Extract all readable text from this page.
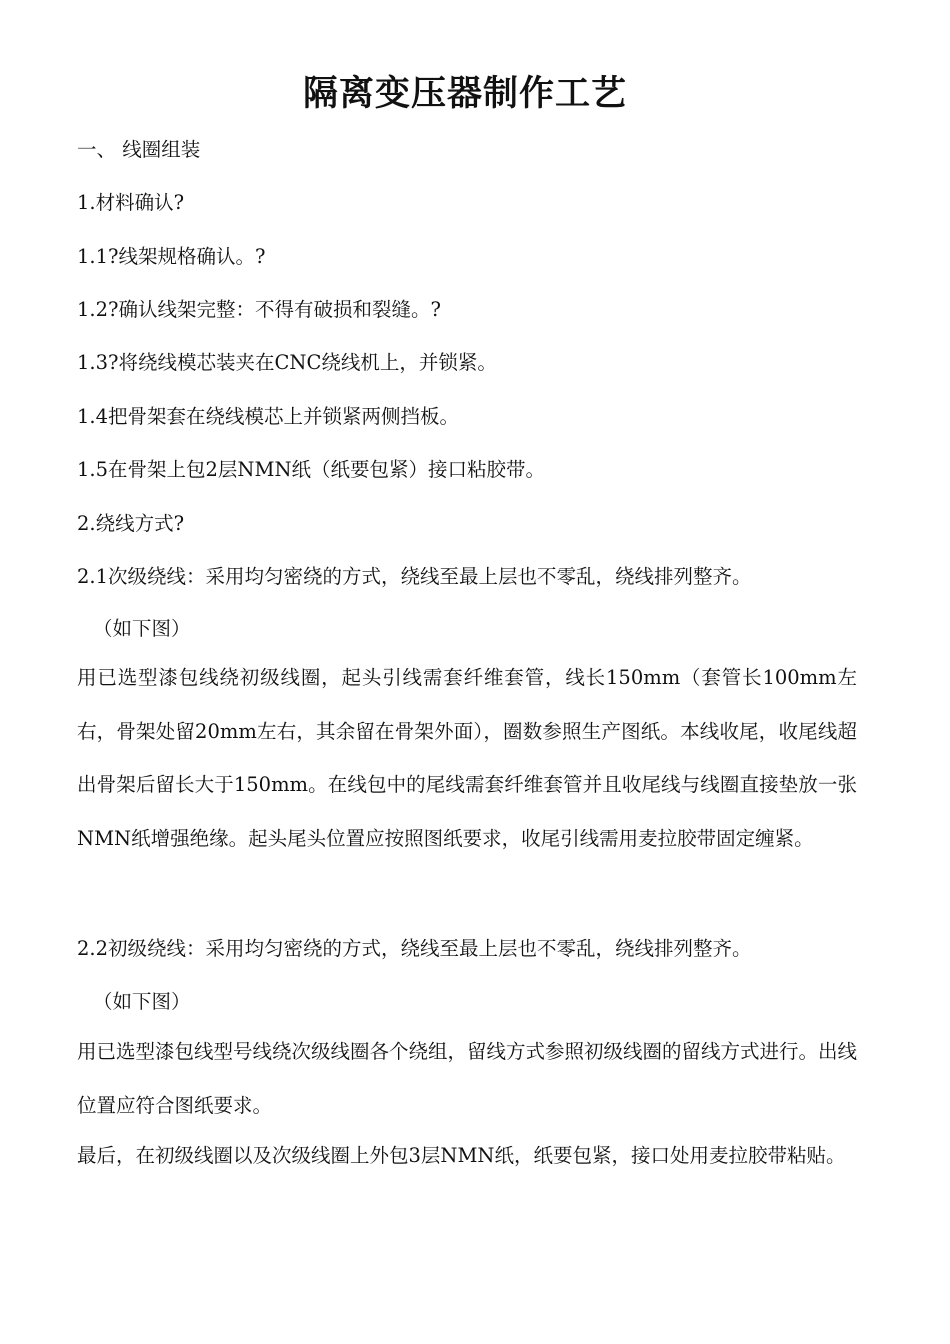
隔离变压器制作工艺

一、 线圈组装

1.材料确认?

1.1?线架规格确认。?

1.2?确认线架完整：不得有破损和裂缝。?

1.3?将绕线模芯装夹在CNC绕线机上，并锁紧。

1.4把骨架套在绕线模芯上并锁紧两侧挡板。

1.5在骨架上包2层NMN纸（纸要包紧）接口粘胶带。

2.绕线方式?

2.1次级绕线：采用均匀密绕的方式，绕线至最上层也不零乱，绕线排列整齐。

（如下图）

用已选型漆包线绕初级线圈，起头引线需套纤维套管，线长150mm（套管长100mm左右，骨架处留20mm左右，其余留在骨架外面），圈数参照生产图纸。本线收尾，收尾线超出骨架后留长大于150mm。在线包中的尾线需套纤维套管并且收尾线与线圈直接垫放一张NMN纸增强绝缘。起头尾头位置应按照图纸要求，收尾引线需用麦拉胶带固定缠紧。

2.2初级绕线：采用均匀密绕的方式，绕线至最上层也不零乱，绕线排列整齐。

（如下图）

用已选型漆包线型号线绕次级线圈各个绕组，留线方式参照初级线圈的留线方式进行。出线位置应符合图纸要求。

最后，在初级线圈以及次级线圈上外包3层NMN纸，纸要包紧，接口处用麦拉胶带粘贴。
